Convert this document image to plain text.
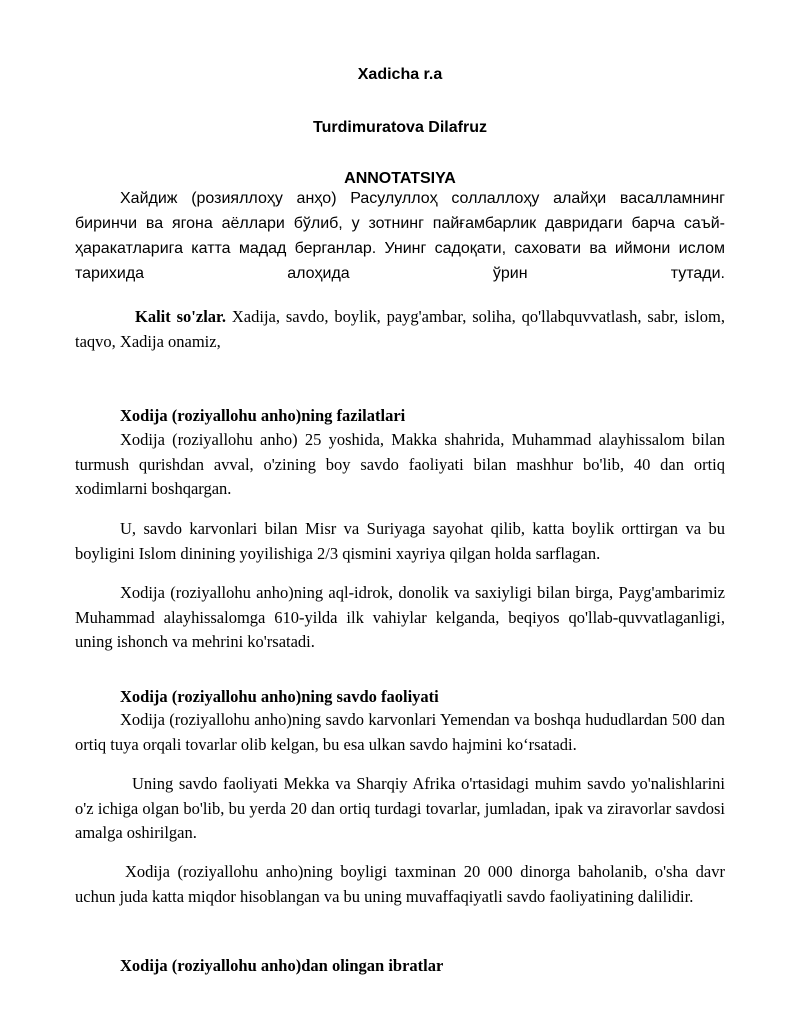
Xadicha r.a
Turdimuratova Dilafruz
ANNOTATSIYA

Хайдиж (розияллоҳу анҳо) Расулуллоҳ соллаллоҳу алайҳи васалламнинг биринчи ва ягона аёллари бўлиб, у зотнинг пайғамбарлик давридаги барча саъй-ҳаракатларига катта мадад берганлар. Унинг садоқати, саховати ва иймони ислом тарихида алоҳида ўрин тутади.

Kalit so'zlar. Xadija, savdo, boylik, payg'ambar, soliha, qo'llabquvvatlash, sabr, islom, taqvo, Xadija onamiz,

Xodija (roziyallohu anho)ning fazilatlari

Xodija (roziyallohu anho) 25 yoshida, Makka shahrida, Muhammad alayhissalom bilan turmush qurishdan avval, o'zining boy savdo faoliyati bilan mashhur bo'lib, 40 dan ortiq xodimlarni boshqargan.

U, savdo karvonlari bilan Misr va Suriyaga sayohat qilib, katta boylik orttirgan va bu boyligini Islom dinining yoyilishiga 2/3 qismini xayriya qilgan holda sarflagan.

Xodija (roziyallohu anho)ning aql-idrok, donolik va saxiyligi bilan birga, Payg'ambarimiz Muhammad alayhissalomga 610-yilda ilk vahiylar kelganda, beqiyos qo'llab-quvvatlaganligi, uning ishonch va mehrini ko'rsatadi.

Xodija (roziyallohu anho)ning savdo faoliyati

Xodija (roziyallohu anho)ning savdo karvonlari Yemendan va boshqa hududlardan 500 dan ortiq tuya orqali tovarlar olib kelgan, bu esa ulkan savdo hajmini ko‘rsatadi.

Uning savdo faoliyati Mekka va Sharqiy Afrika o'rtasidagi muhim savdo yo'nalishlarini o'z ichiga olgan bo'lib, bu yerda 20 dan ortiq turdagi tovarlar, jumladan, ipak va ziravorlar savdosi amalga oshirilgan.

Xodija (roziyallohu anho)ning boyligi taxminan 20 000 dinorga baholanib, o'sha davr uchun juda katta miqdor hisoblangan va bu uning muvaffaqiyatli savdo faoliyatining dalilidir.

Xodija (roziyallohu anho)dan olingan ibratlar
